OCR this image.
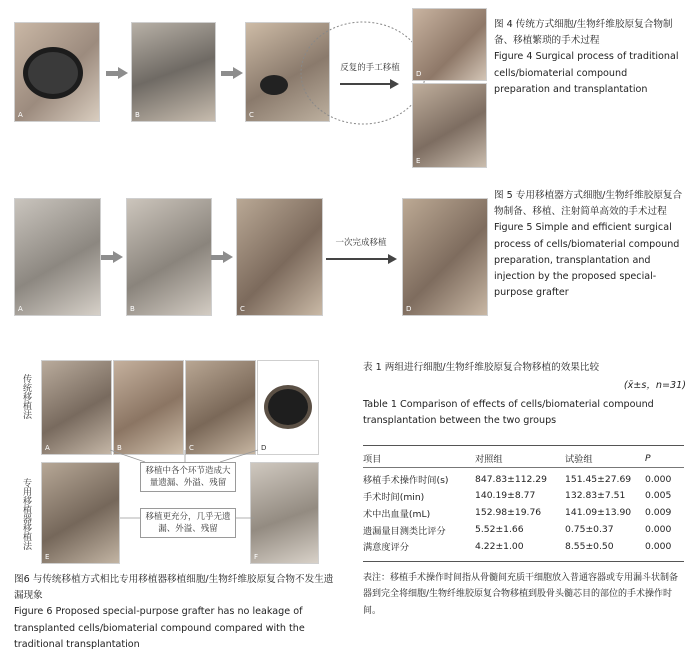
A	B	C
反复的手工移植
D
E
图 4 传统方式细胞/生物纤维胶原复合物制备、移植繁琐的手术过程
Figure 4 Surgical process of traditional cells/biomaterial compound preparation and transplantation
A	B	C
一次完成移植
D
图 5 专用移植器方式细胞/生物纤维胶原复合物制备、移植、注射简单高效的手术过程
Figure 5 Simple and efficient surgical process of cells/biomaterial compound preparation, transplantation and injection by the proposed special-purpose grafter
传统移植法
专用移植器移植法
A	B	C	D
E	F
移植中各个环节造成大量遗漏、外溢、残留
移植更充分，几乎无遗漏、外溢、残留
图6 与传统移植方式相比专用移植器移植细胞/生物纤维胶原复合物不发生遗漏现象
Figure 6 Proposed special-purpose grafter has no leakage of transplanted cells/biomaterial compound compared with the traditional transplantation
表 1 两组进行细胞/生物纤维胶原复合物移植的效果比较
(x̄±s，n=31)
Table 1 Comparison of effects of cells/biomaterial compound transplantation between the two groups
项目	对照组	试验组	P

移植手术操作时间(s)	847.83±112.29	151.45±27.69	0.000
手术时间(min)	140.19±8.77	132.83±7.51	0.005
术中出血量(mL)	152.98±19.76	141.09±13.90	0.009
遗漏量目测类比评分	5.52±1.66	0.75±0.37	0.000
满意度评分	4.22±1.00	8.55±0.50	0.000
表注：移植手术操作时间指从骨髓间充质干细胞放入普通容器或专用漏斗状制备器到完全将细胞/生物纤维胶原复合物移植到股骨头髓芯目的部位的手术操作时间。
